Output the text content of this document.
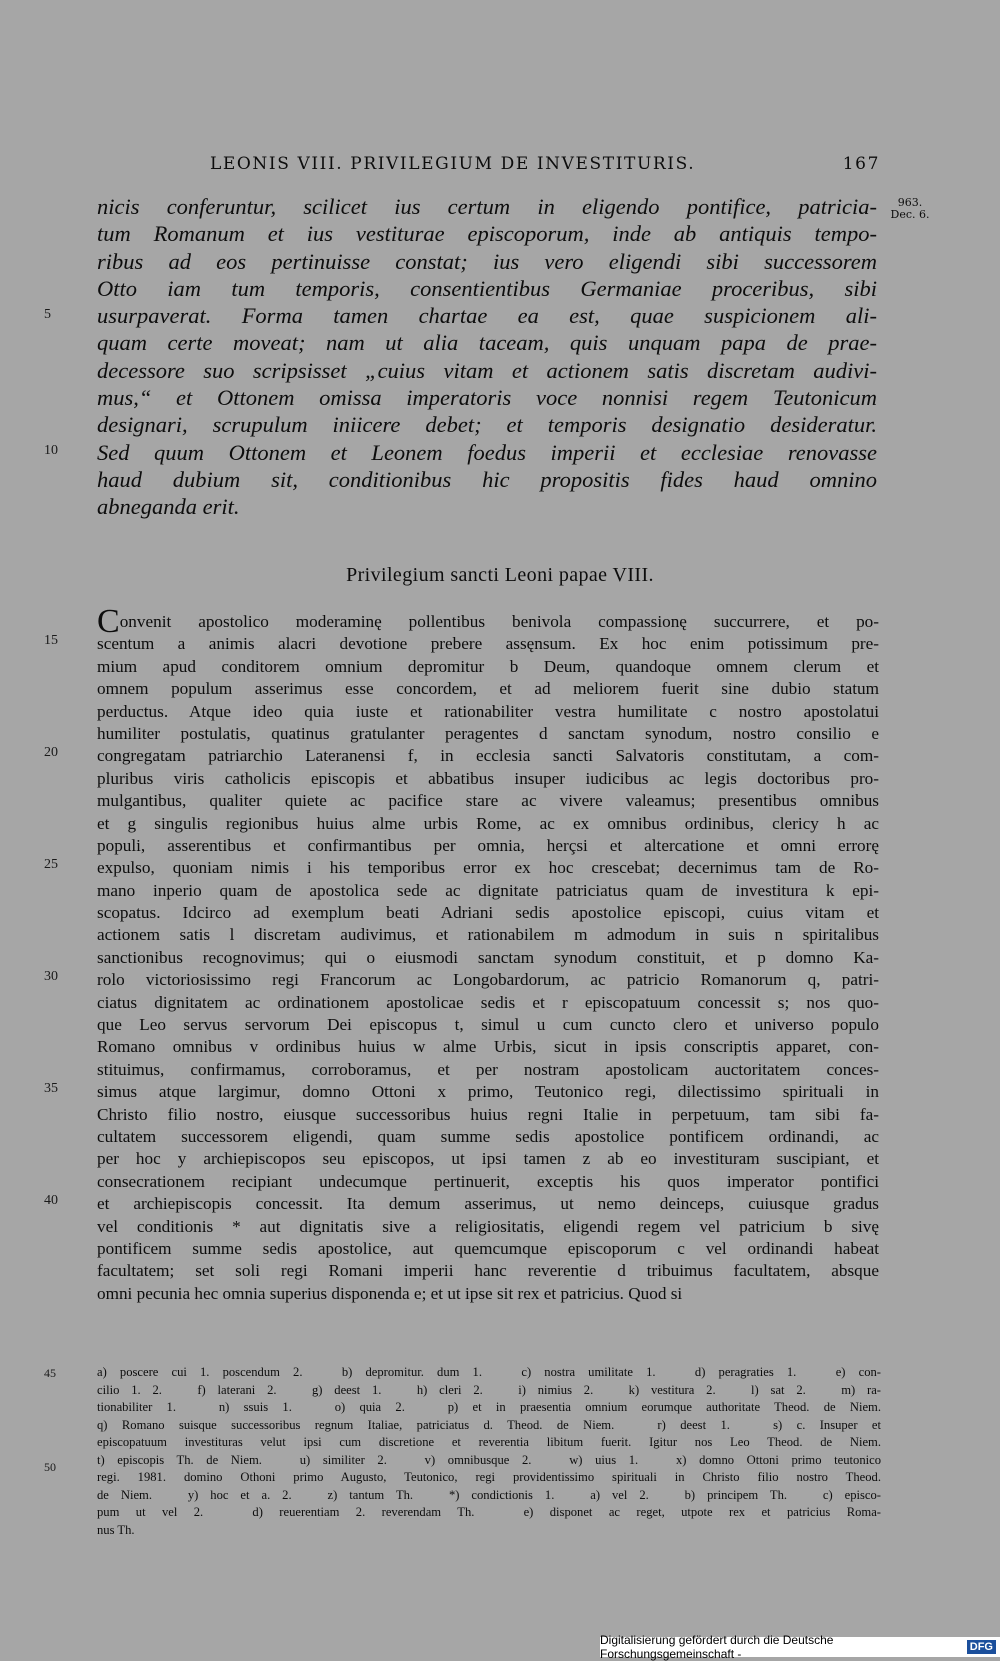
LEONIS VIII. PRIVILEGIUM DE INVESTITURIS.	167
963.
Dec. 6.
nicis conferuntur, scilicet ius certum in eligendo pontifice, patricia-
tum Romanum et ius vestiturae episcoporum, inde ab antiquis tempo-
ribus ad eos pertinuisse constat; ius vero eligendi sibi successorem
Otto iam tum temporis, consentientibus Germaniae proceribus, sibi
usurpaverat. Forma tamen chartae ea est, quae suspicionem ali-
quam certe moveat; nam ut alia taceam, quis unquam papa de prae-
decessore suo scripsisset „cuius vitam et actionem satis discretam audivi-
mus,“ et Ottonem omissa imperatoris voce nonnisi regem Teutonicum
designari, scrupulum iniicere debet; et temporis designatio desideratur.
Sed quum Ottonem et Leonem foedus imperii et ecclesiae renovasse
haud dubium sit, conditionibus hic propositis fides haud omnino
abneganda erit.
5
10
Privilegium sancti Leoni papae VIII.
C onvenit apostolico moderaminę pollentibus benivola compassionę succurrere, et po-
scentum a animis alacri devotione prebere assęnsum. Ex hoc enim potissimum pre-
mium apud conditorem omnium depromitur b Deum, quandoque omnem clerum et
omnem populum asserimus esse concordem, et ad meliorem fuerit sine dubio statum
perductus. Atque ideo quia iuste et rationabiliter vestra humilitate c nostro apostolatui
humiliter postulatis, quatinus gratulanter peragentes d sanctam synodum, nostro consilio e
congregatam patriarchio Lateranensi f, in ecclesia sancti Salvatoris constitutam, a com-
pluribus viris catholicis episcopis et abbatibus insuper iudicibus ac legis doctoribus pro-
mulgantibus, qualiter quiete ac pacifice stare ac vivere valeamus; presentibus omnibus
et g singulis regionibus huius alme urbis Rome, ac ex omnibus ordinibus, clericy h ac
populi, asserentibus et confirmantibus per omnia, herçsi et altercatione et omni errorę
expulso, quoniam nimis i his temporibus error ex hoc crescebat; decernimus tam de Ro-
mano inperio quam de apostolica sede ac dignitate patriciatus quam de investitura k epi-
scopatus. Idcirco ad exemplum beati Adriani sedis apostolice episcopi, cuius vitam et
actionem satis l discretam audivimus, et rationabilem m admodum in suis n spiritalibus
sanctionibus recognovimus; qui o eiusmodi sanctam synodum constituit, et p domno Ka-
rolo victoriosissimo regi Francorum ac Longobardorum, ac patricio Romanorum q, patri-
ciatus dignitatem ac ordinationem apostolicae sedis et r episcopatuum concessit s; nos quo-
que Leo servus servorum Dei episcopus t, simul u cum cuncto clero et universo populo
Romano omnibus v ordinibus huius w alme Urbis, sicut in ipsis conscriptis apparet, con-
stituimus, confirmamus, corroboramus, et per nostram apostolicam auctoritatem conces-
simus atque largimur, domno Ottoni x primo, Teutonico regi, dilectissimo spirituali in
Christo filio nostro, eiusque successoribus huius regni Italie in perpetuum, tam sibi fa-
cultatem successorem eligendi, quam summe sedis apostolice pontificem ordinandi, ac
per hoc y archiepiscopos seu episcopos, ut ipsi tamen z ab eo investituram suscipiant, et
consecrationem recipiant undecumque pertinuerit, exceptis his quos imperator pontifici
et archiepiscopis concessit. Ita demum asserimus, ut nemo deinceps, cuiusque gradus
vel conditionis * aut dignitatis sive a religiositatis, eligendi regem vel patricium b sivę
pontificem summe sedis apostolice, aut quemcumque episcoporum c vel ordinandi habeat
facultatem; set soli regi Romani imperii hanc reverentie d tribuimus facultatem, absque
omni pecunia hec omnia superius disponenda e; et ut ipse sit rex et patricius. Quod si
15
20
25
30
35
40
a) poscere cui 1. poscendum 2.   b) depromitur. dum 1.   c) nostra umilitate 1.   d) peragraties 1.   e) con-
cilio 1. 2.   f) laterani 2.   g) deest 1.   h) cleri 2.   i) nimius 2.   k) vestitura 2.   l) sat 2.   m) ra-
tionabiliter 1.   n) ssuis 1.   o) quia 2.   p) et in praesentia omnium eorumque authoritate Theod. de Niem.
q) Romano suisque successoribus regnum Italiae, patriciatus d. Theod. de Niem.   r) deest 1.   s) c. Insuper et
episcopatuum investituras velut ipsi cum discretione et reverentia libitum fuerit. Igitur nos Leo Theod. de Niem.
t) episcopis Th. de Niem.   u) similiter 2.   v) omnibusque 2.   w) uius 1.   x) domno Ottoni primo teutonico
regi. 1981. domino Othoni primo Augusto, Teutonico, regi providentissimo spirituali in Christo filio nostro Theod.
de Niem.   y) hoc et a. 2.   z) tantum Th.   *) condictionis 1.   a) vel 2.   b) principem Th.   c) episco-
pum ut vel 2.   d) reuerentiam 2. reverendam Th.   e) disponet ac reget, utpote rex et patricius Roma-
nus Th.
45
50
Digitalisierung gefördert durch die Deutsche Forschungsgemeinschaft -	DFG
